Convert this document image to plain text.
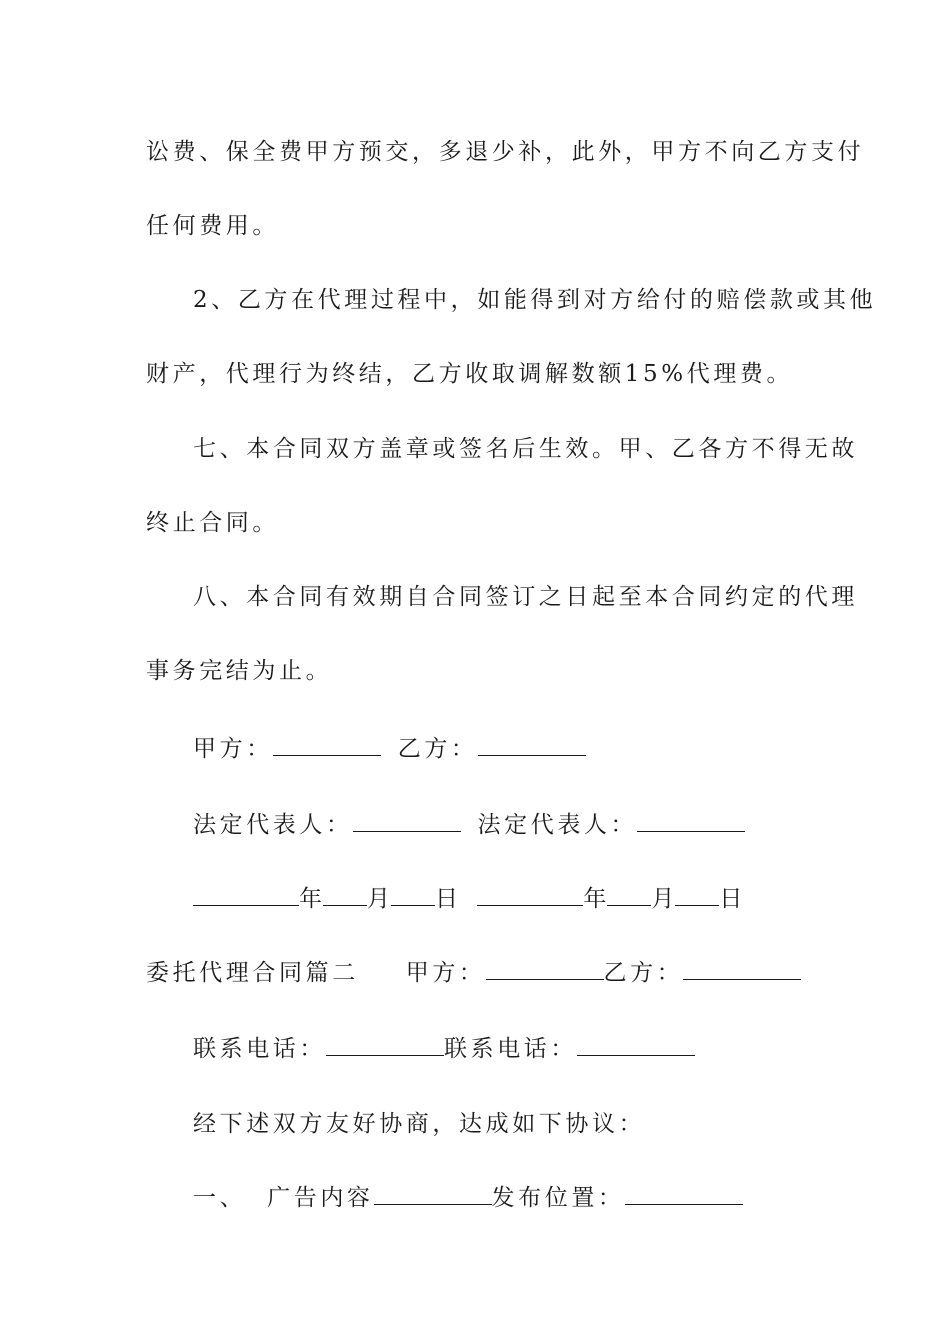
讼费、保全费甲方预交，多退少补，此外，甲方不向乙方支付
任何费用。
2、乙方在代理过程中，如能得到对方给付的赔偿款或其他
财产，代理行为终结，乙方收取调解数额15%代理费。
七、本合同双方盖章或签名后生效。甲、乙各方不得无故
终止合同。
八、本合同有效期自合同签订之日起至本合同约定的代理
事务完结为止。
甲方：	乙方：
法定代表人：	法定代表人：
年 月 日	年 月 日
委托代理合同篇二 甲方：	乙方：
联系电话：	联系电话：
经下述双方友好协商，达成如下协议：
一、 广告内容	发布位置：
